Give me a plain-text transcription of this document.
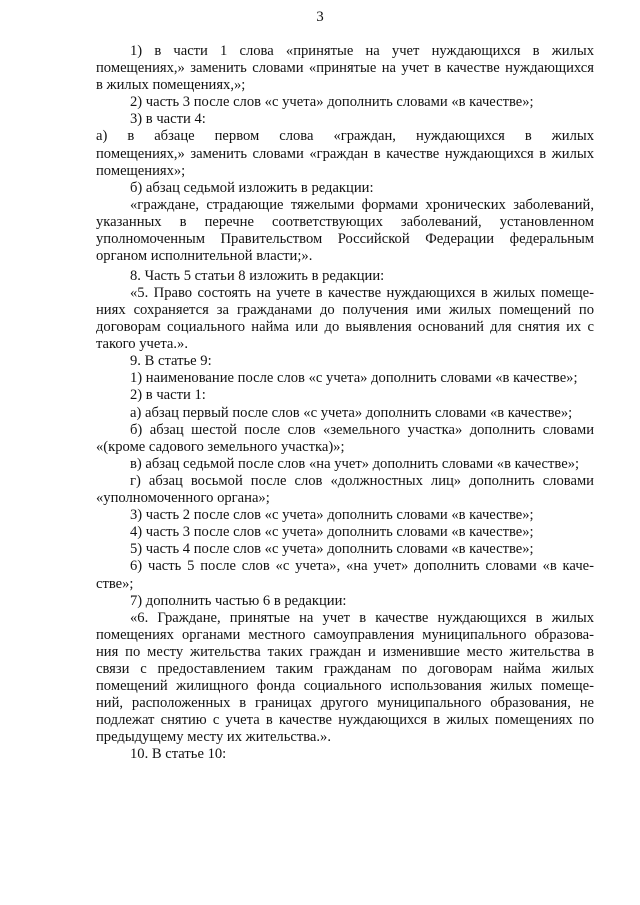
3
1) в части 1 слова «принятые на учет нуждающихся в жилых
помещениях,» заменить словами «принятые на учет в качестве нуждающихся
в жилых помещениях,»;
2) часть 3 после слов «с учета» дополнить словами «в качестве»;
3) в части 4:
а) в абзаце первом слова «граждан, нуждающихся в жилых
помещениях,» заменить словами «граждан в качестве нуждающихся в жилых
помещениях»;
б) абзац седьмой изложить в редакции:
«граждане, страдающие тяжелыми формами хронических заболеваний,
указанных в перечне соответствующих заболеваний, установленном
уполномоченным Правительством Российской Федерации федеральным
органом исполнительной власти;».
8. Часть 5 статьи 8 изложить в редакции:
«5. Право состоять на учете в качестве нуждающихся в жилых помеще-
ниях сохраняется за гражданами до получения ими жилых помещений по
договорам социального найма или до выявления оснований для снятия их с
такого учета.».
9. В статье 9:
1) наименование после слов «с учета» дополнить словами «в качестве»;
2) в части 1:
а) абзац первый после слов «с учета» дополнить словами «в качестве»;
б) абзац шестой после слов «земельного участка» дополнить словами
«(кроме садового земельного участка)»;
в) абзац седьмой после слов «на учет» дополнить словами «в качестве»;
г) абзац восьмой после слов «должностных лиц» дополнить словами
«уполномоченного органа»;
3) часть 2 после слов «с учета» дополнить словами «в качестве»;
4) часть 3 после слов «с учета» дополнить словами «в качестве»;
5) часть 4 после слов «с учета» дополнить словами «в качестве»;
6) часть 5 после слов «с учета», «на учет» дополнить словами «в каче-
стве»;
7) дополнить частью 6 в редакции:
«6. Граждане, принятые на учет в качестве нуждающихся в жилых
помещениях органами местного самоуправления муниципального образова-
ния по месту жительства таких граждан и изменившие место жительства в
связи с предоставлением таким гражданам по договорам найма жилых
помещений жилищного фонда социального использования жилых помеще-
ний, расположенных в границах другого муниципального образования, не
подлежат снятию с учета в качестве нуждающихся в жилых помещениях по
предыдущему месту их жительства.».
10. В статье 10:
